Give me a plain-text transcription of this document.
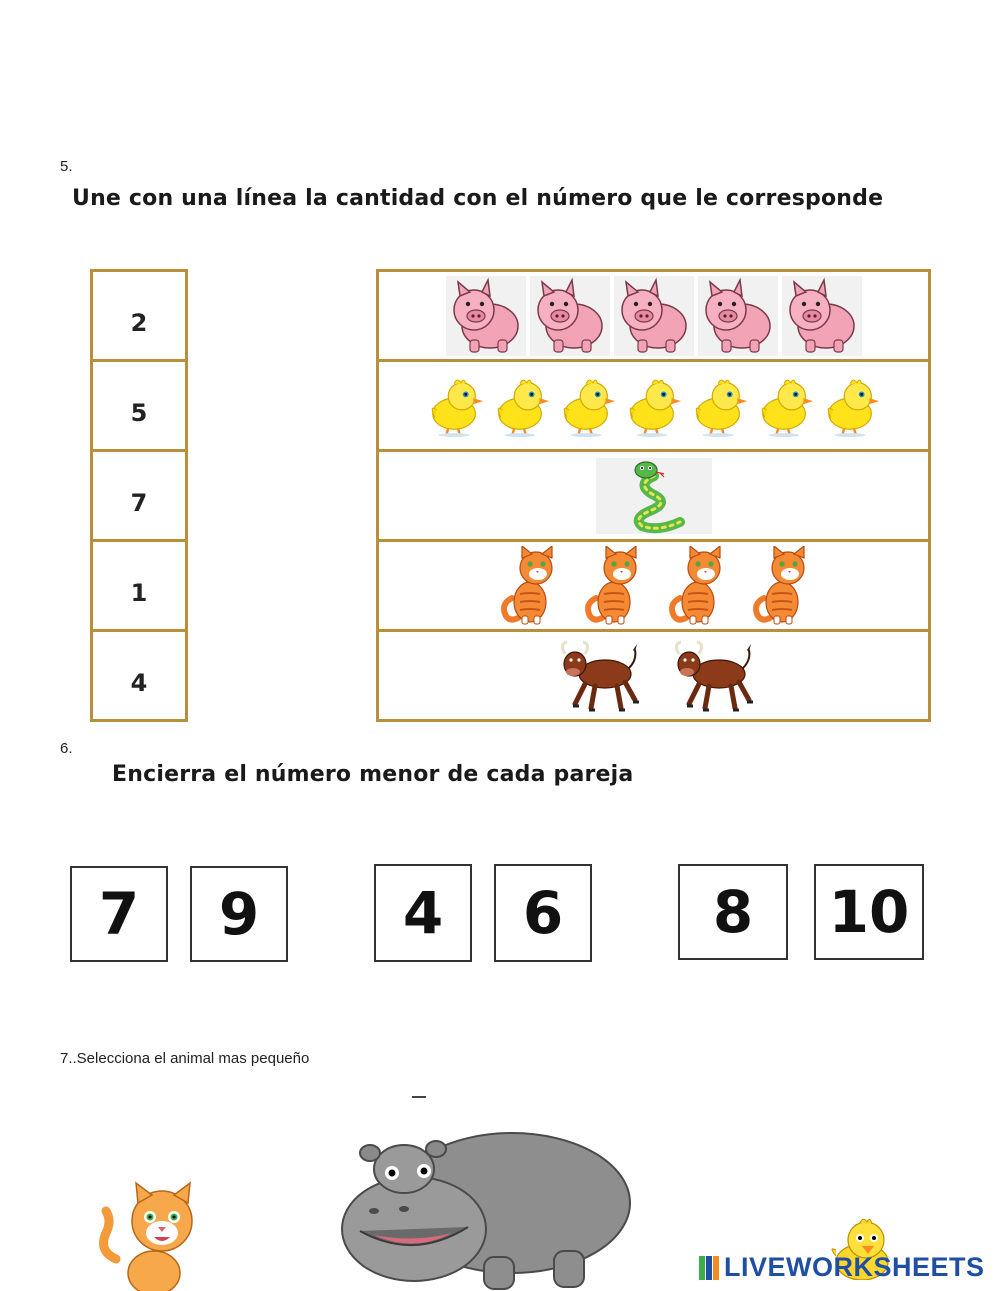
5.
Une con una línea la cantidad con el número que le corresponde
2
5
7
1
4
6.
Encierra el número menor de cada pareja
7	9	4	6	8	10
7..Selecciona el animal mas pequeño
LIVEWORKSHEETS
